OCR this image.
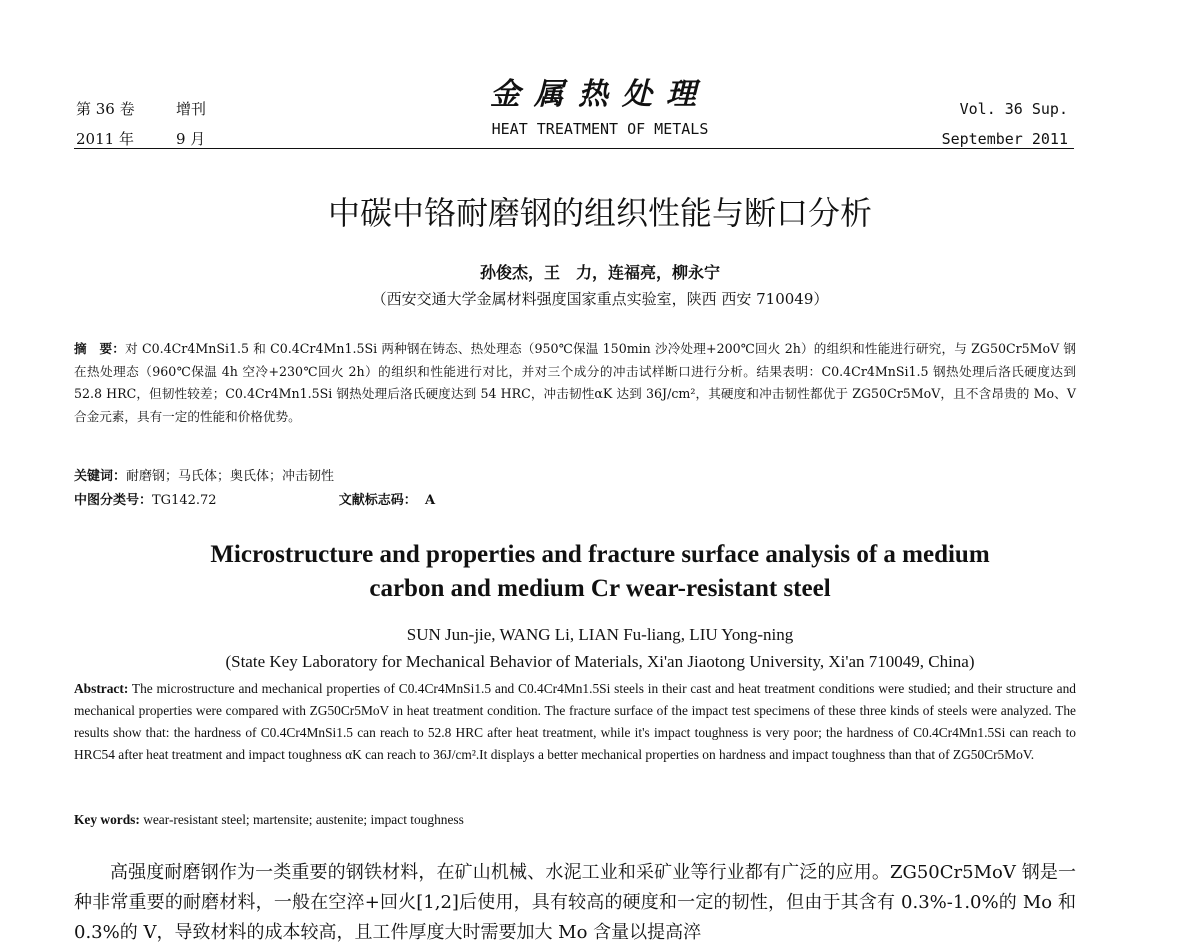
第 36 卷	增刊
2011 年	9 月
金属热处理
HEAT TREATMENT OF METALS
Vol. 36 Sup.
September 2011
中碳中铬耐磨钢的组织性能与断口分析
孙俊杰，王　力，连福亮，柳永宁
（西安交通大学金属材料强度国家重点实验室，陕西 西安 710049）
摘　要：对 C0.4Cr4MnSi1.5 和 C0.4Cr4Mn1.5Si 两种钢在铸态、热处理态（950℃保温 150min 沙冷处理+200℃回火 2h）的组织和性能进行研究，与 ZG50Cr5MoV 钢在热处理态（960℃保温 4h 空冷+230℃回火 2h）的组织和性能进行对比，并对三个成分的冲击试样断口进行分析。结果表明：C0.4Cr4MnSi1.5 钢热处理后洛氏硬度达到 52.8 HRC，但韧性较差；C0.4Cr4Mn1.5Si 钢热处理后洛氏硬度达到 54 HRC，冲击韧性αK 达到 36J/cm²，其硬度和冲击韧性都优于 ZG50Cr5MoV，且不含昂贵的 Mo、V 合金元素，具有一定的性能和价格优势。
关键词：耐磨钢；马氏体；奥氏体；冲击韧性
中图分类号：TG142.72	文献标志码： A
Microstructure and properties and fracture surface analysis of a medium
carbon and medium Cr wear-resistant steel
SUN Jun-jie, WANG Li, LIAN Fu-liang, LIU Yong-ning
(State Key Laboratory for Mechanical Behavior of Materials, Xi'an Jiaotong University, Xi'an 710049, China)
Abstract: The microstructure and mechanical properties of C0.4Cr4MnSi1.5 and C0.4Cr4Mn1.5Si steels in their cast and heat treatment conditions were studied; and their structure and mechanical properties were compared with ZG50Cr5MoV in heat treatment condition. The fracture surface of the impact test specimens of these three kinds of steels were analyzed. The results show that: the hardness of C0.4Cr4MnSi1.5 can reach to 52.8 HRC after heat treatment, while it's impact toughness is very poor; the hardness of C0.4Cr4Mn1.5Si can reach to HRC54 after heat treatment and impact toughness αK can reach to 36J/cm².It displays a better mechanical properties on hardness and impact toughness than that of ZG50Cr5MoV.
Key words: wear-resistant steel; martensite; austenite; impact toughness
高强度耐磨钢作为一类重要的钢铁材料，在矿山机械、水泥工业和采矿业等行业都有广泛的应用。ZG50Cr5MoV 钢是一种非常重要的耐磨材料，一般在空淬+回火[1,2]后使用，具有较高的硬度和一定的韧性，但由于其含有 0.3%-1.0%的 Mo 和 0.3%的 V，导致材料的成本较高，且工件厚度大时需要加大 Mo 含量以提高淬
